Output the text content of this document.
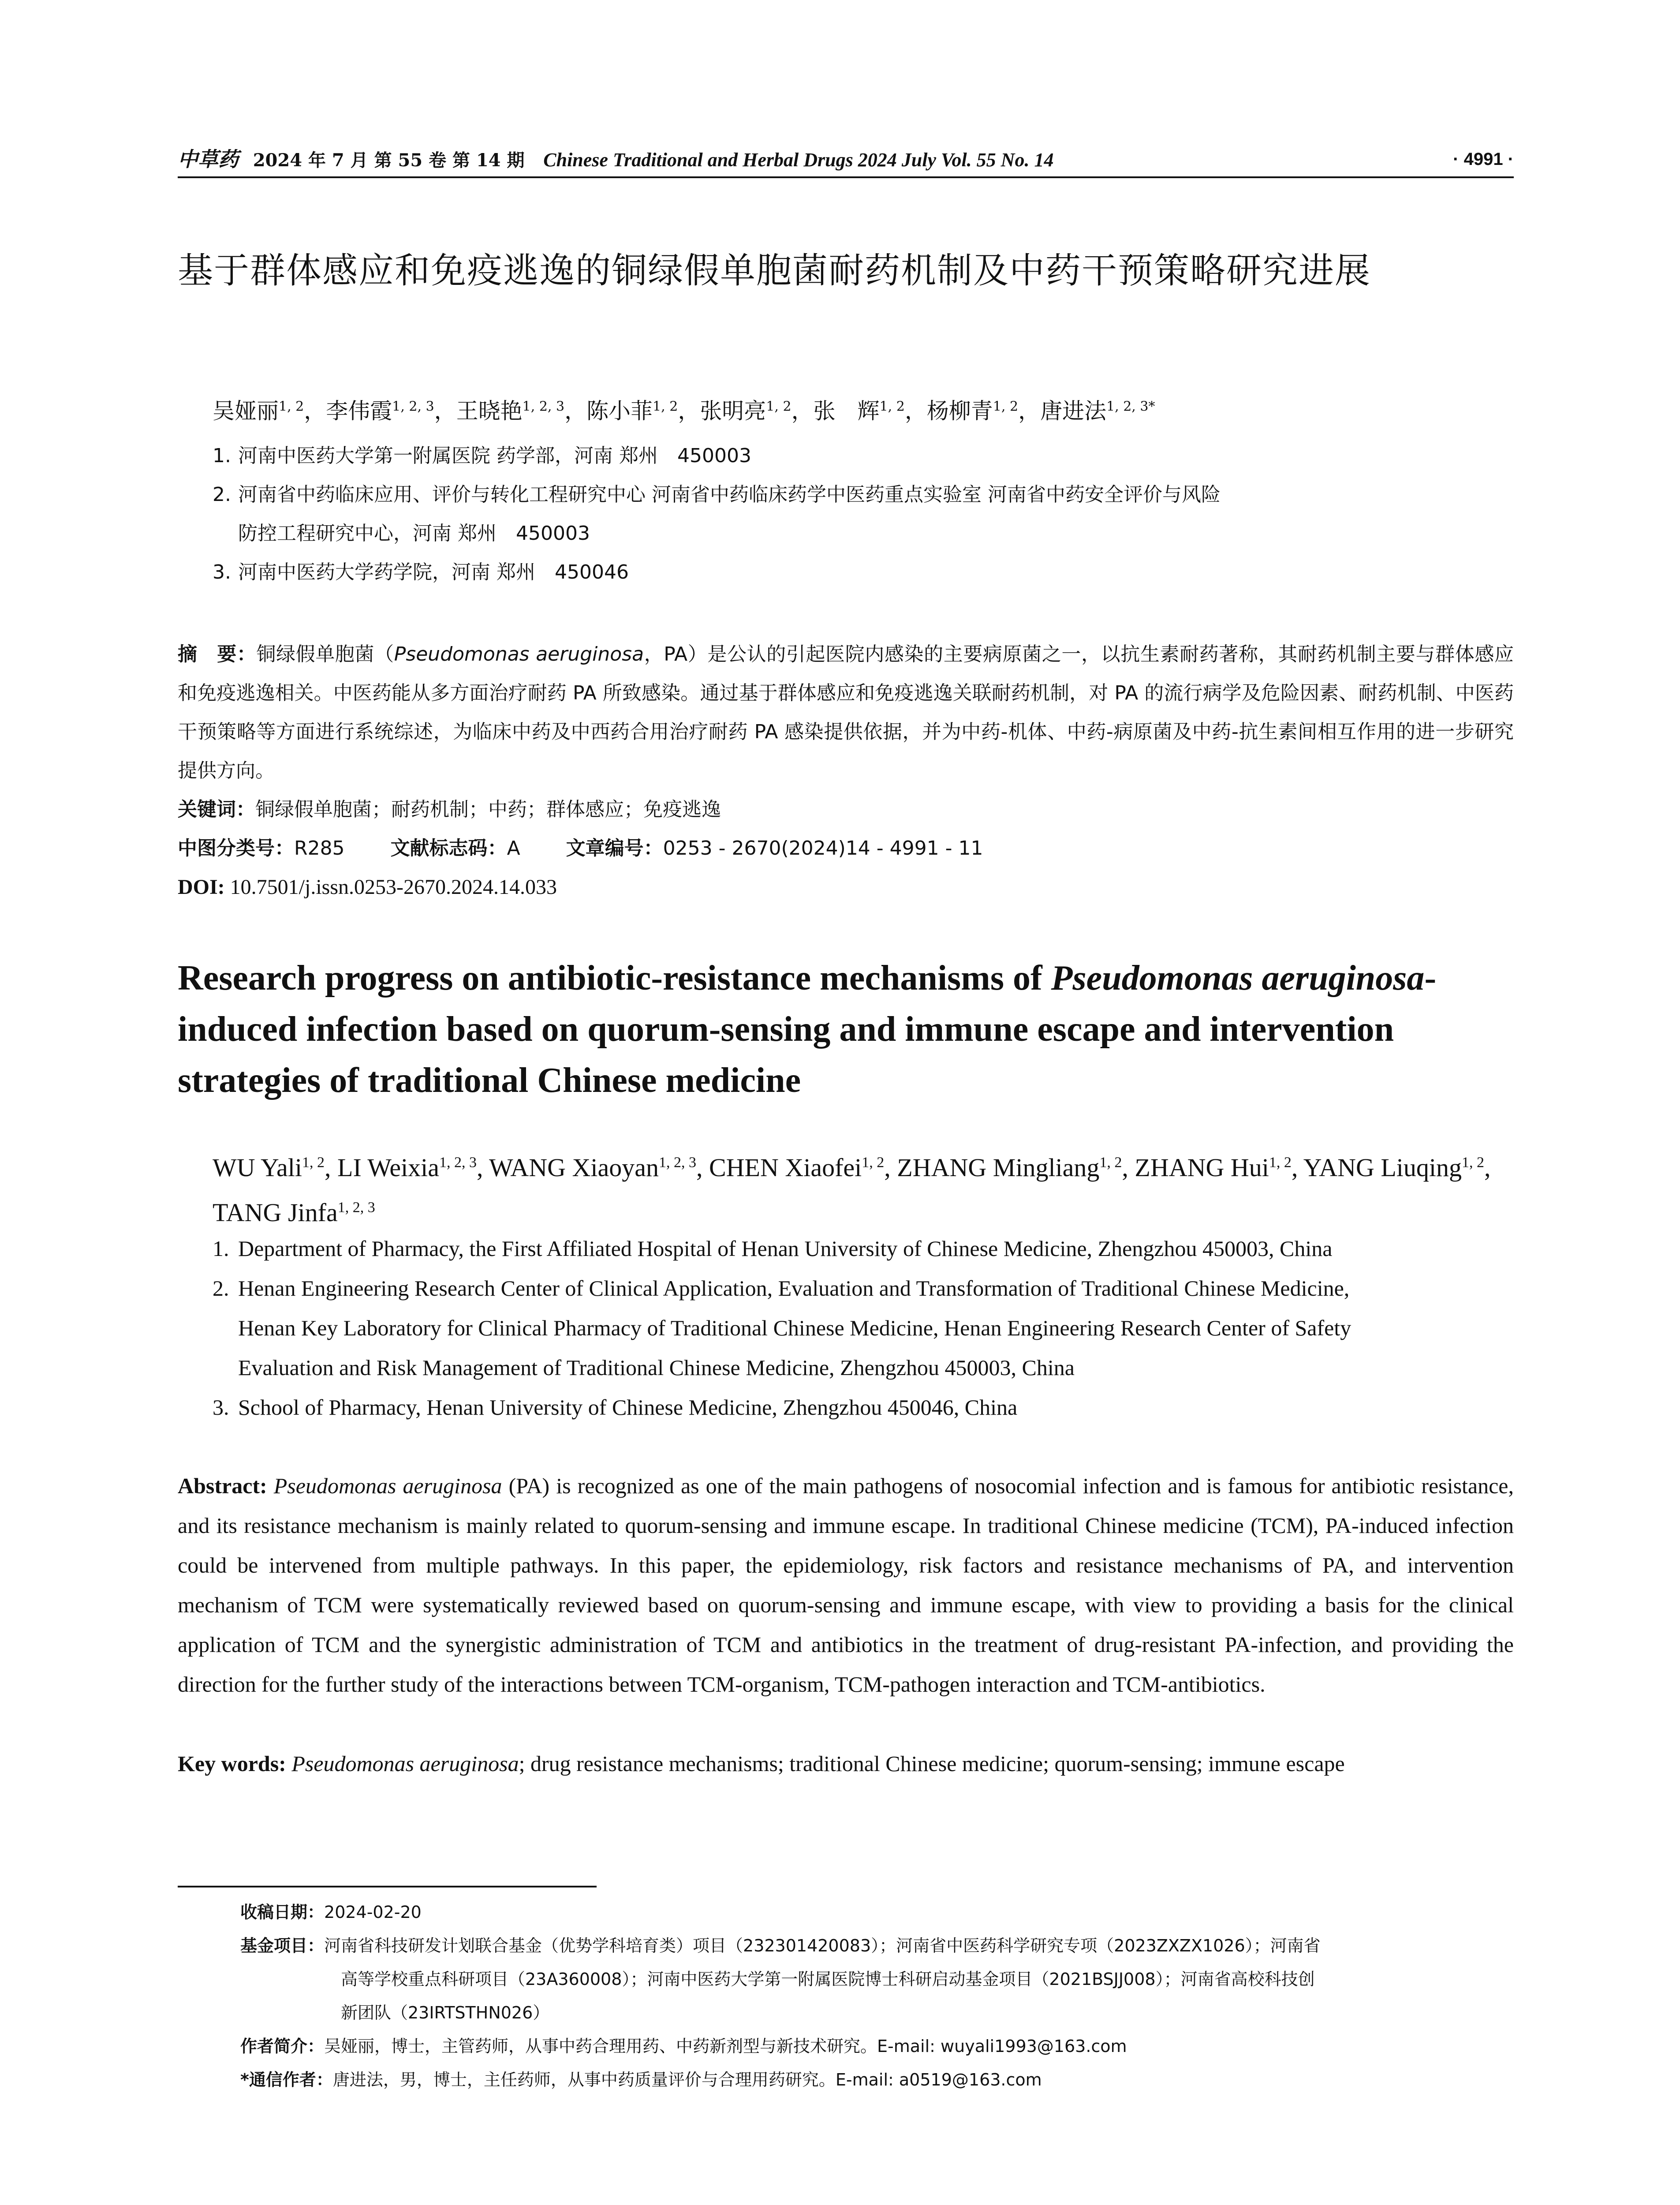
中草药 2024 年 7 月 第 55 卷 第 14 期 Chinese Traditional and Herbal Drugs 2024 July Vol. 55 No. 14	· 4991 ·
基于群体感应和免疫逃逸的铜绿假单胞菌耐药机制及中药干预策略研究进展
吴娅丽$^{1, 2}$，李伟霞$^{1, 2, 3}$，王晓艳$^{1, 2, 3}$，陈小菲$^{1, 2}$，张明亮$^{1, 2}$，张　辉$^{1, 2}$，杨柳青$^{1, 2}$，唐进法$^{1, 2, 3*}$
1. 河南中医药大学第一附属医院 药学部，河南 郑州　450003
2. 河南省中药临床应用、评价与转化工程研究中心 河南省中药临床药学中医药重点实验室 河南省中药安全评价与风险
防控工程研究中心，河南 郑州　450003
3. 河南中医药大学药学院，河南 郑州　450046
摘　要：铜绿假单胞菌（Pseudomonas aeruginosa，PA）是公认的引起医院内感染的主要病原菌之一，以抗生素耐药著称，其耐药机制主要与群体感应和免疫逃逸相关。中医药能从多方面治疗耐药 PA 所致感染。通过基于群体感应和免疫逃逸关联耐药机制，对 PA 的流行病学及危险因素、耐药机制、中医药干预策略等方面进行系统综述，为临床中药及中西药合用治疗耐药 PA 感染提供依据，并为中药-机体、中药-病原菌及中药-抗生素间相互作用的进一步研究提供方向。
关键词：铜绿假单胞菌；耐药机制；中药；群体感应；免疫逃逸
中图分类号：R285 文献标志码：A 文章编号：0253 - 2670(2024)14 - 4991 - 11
DOI: 10.7501/j.issn.0253-2670.2024.14.033
Research progress on antibiotic-resistance mechanisms of Pseudomonas aeruginosa-induced infection based on quorum-sensing and immune escape and intervention strategies of traditional Chinese medicine
WU Yali$^{1, 2}$, LI Weixia$^{1, 2, 3}$, WANG Xiaoyan$^{1, 2, 3}$, CHEN Xiaofei$^{1, 2}$, ZHANG Mingliang$^{1, 2}$, ZHANG Hui$^{1, 2}$, YANG Liuqing$^{1, 2}$, TANG Jinfa$^{1, 2, 3}$
1. Department of Pharmacy, the First Affiliated Hospital of Henan University of Chinese Medicine, Zhengzhou 450003, China
2. Henan Engineering Research Center of Clinical Application, Evaluation and Transformation of Traditional Chinese Medicine,
Henan Key Laboratory for Clinical Pharmacy of Traditional Chinese Medicine, Henan Engineering Research Center of Safety
Evaluation and Risk Management of Traditional Chinese Medicine, Zhengzhou 450003, China
3. School of Pharmacy, Henan University of Chinese Medicine, Zhengzhou 450046, China
Abstract: Pseudomonas aeruginosa (PA) is recognized as one of the main pathogens of nosocomial infection and is famous for antibiotic resistance, and its resistance mechanism is mainly related to quorum-sensing and immune escape. In traditional Chinese medicine (TCM), PA-induced infection could be intervened from multiple pathways. In this paper, the epidemiology, risk factors and resistance mechanisms of PA, and intervention mechanism of TCM were systematically reviewed based on quorum-sensing and immune escape, with view to providing a basis for the clinical application of TCM and the synergistic administration of TCM and antibiotics in the treatment of drug-resistant PA-infection, and providing the direction for the further study of the interactions between TCM-organism, TCM-pathogen interaction and TCM-antibiotics.
Key words: Pseudomonas aeruginosa; drug resistance mechanisms; traditional Chinese medicine; quorum-sensing; immune escape
收稿日期：2024-02-20
基金项目：河南省科技研发计划联合基金（优势学科培育类）项目（232301420083）；河南省中医药科学研究专项（2023ZXZX1026）；河南省
高等学校重点科研项目（23A360008）；河南中医药大学第一附属医院博士科研启动基金项目（2021BSJJ008）；河南省高校科技创
新团队（23IRTSTHN026）
作者简介：吴娅丽，博士，主管药师，从事中药合理用药、中药新剂型与新技术研究。E-mail: wuyali1993@163.com
*通信作者：唐进法，男，博士，主任药师，从事中药质量评价与合理用药研究。E-mail: a0519@163.com
